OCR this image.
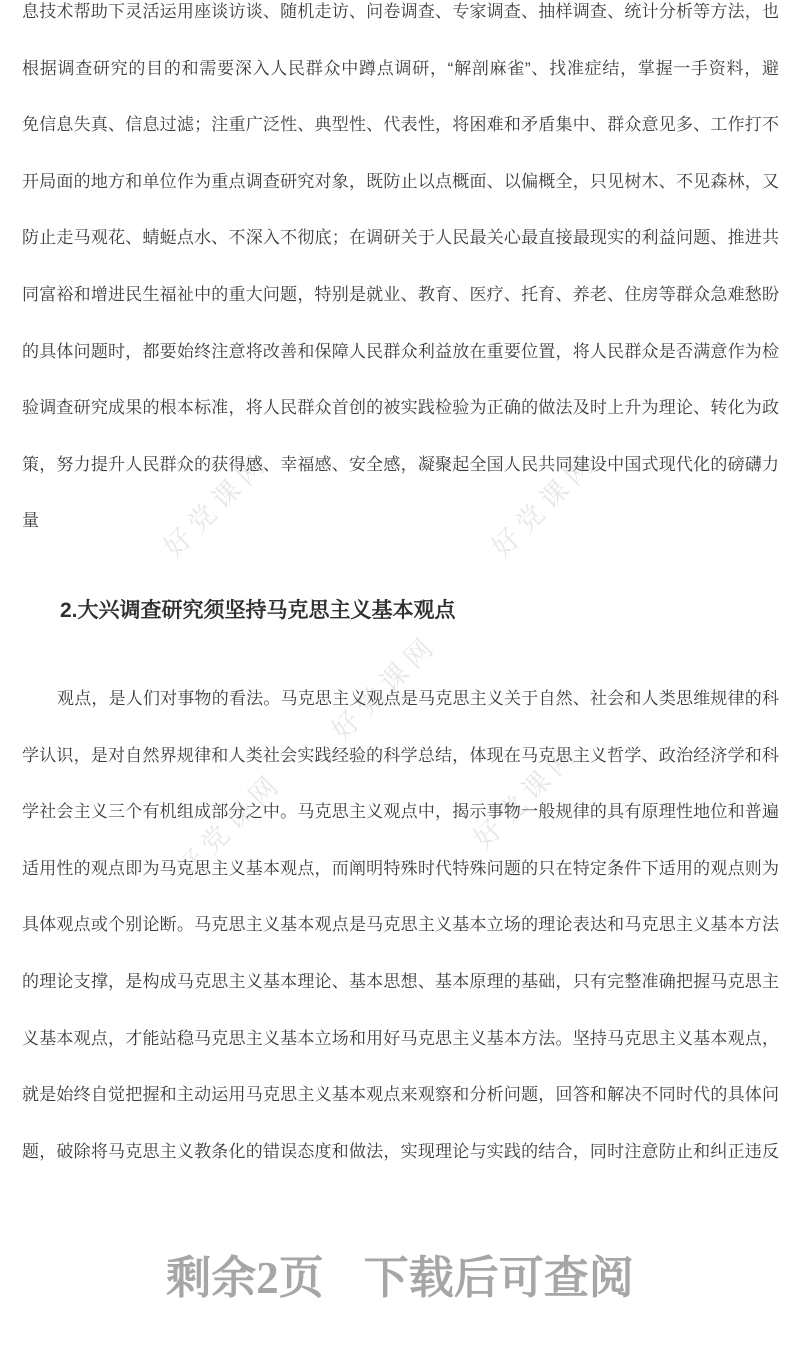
好党课网	好党课网
好党课网
好党课网	好党课网
息技术帮助下灵活运用座谈访谈、随机走访、问卷调查、专家调查、抽样调查、统计分析等方法，也
根据调查研究的目的和需要深入人民群众中蹲点调研，“解剖麻雀”、找准症结，掌握一手资料，避
免信息失真、信息过滤；注重广泛性、典型性、代表性，将困难和矛盾集中、群众意见多、工作打不
开局面的地方和单位作为重点调查研究对象，既防止以点概面、以偏概全，只见树木、不见森林，又
防止走马观花、蜻蜓点水、不深入不彻底；在调研关于人民最关心最直接最现实的利益问题、推进共
同富裕和增进民生福祉中的重大问题，特别是就业、教育、医疗、托育、养老、住房等群众急难愁盼
的具体问题时，都要始终注意将改善和保障人民群众利益放在重要位置，将人民群众是否满意作为检
验调查研究成果的根本标准，将人民群众首创的被实践检验为正确的做法及时上升为理论、转化为政
策，努力提升人民群众的获得感、幸福感、安全感，凝聚起全国人民共同建设中国式现代化的磅礴力
量
2.大兴调查研究须坚持马克思主义基本观点
观点，是人们对事物的看法。马克思主义观点是马克思主义关于自然、社会和人类思维规律的科
学认识，是对自然界规律和人类社会实践经验的科学总结，体现在马克思主义哲学、政治经济学和科
学社会主义三个有机组成部分之中。马克思主义观点中，揭示事物一般规律的具有原理性地位和普遍
适用性的观点即为马克思主义基本观点，而阐明特殊时代特殊问题的只在特定条件下适用的观点则为
具体观点或个别论断。马克思主义基本观点是马克思主义基本立场的理论表达和马克思主义基本方法
的理论支撑，是构成马克思主义基本理论、基本思想、基本原理的基础，只有完整准确把握马克思主
义基本观点，才能站稳马克思主义基本立场和用好马克思主义基本方法。坚持马克思主义基本观点，
就是始终自觉把握和主动运用马克思主义基本观点来观察和分析问题，回答和解决不同时代的具体问
题，破除将马克思主义教条化的错误态度和做法，实现理论与实践的结合，同时注意防止和纠正违反
剩余2页 下载后可查阅
